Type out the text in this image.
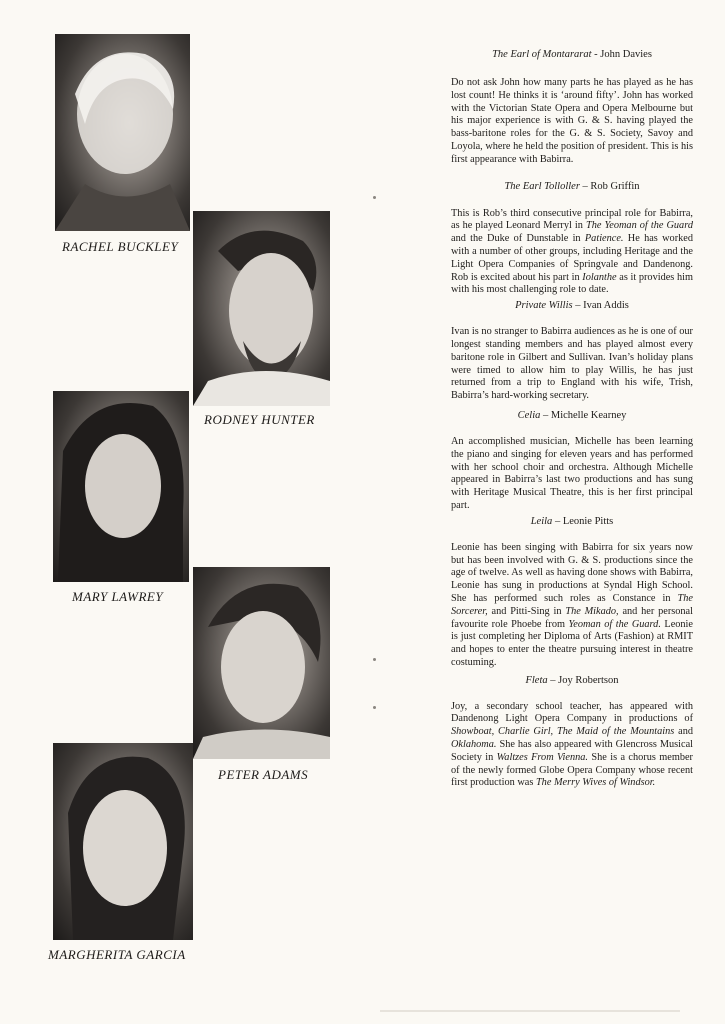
RACHEL BUCKLEY
RODNEY HUNTER
MARY LAWREY
PETER ADAMS
MARGHERITA GARCIA

The Earl of Montararat - John Davies

Do not ask John how many parts he has played as he has lost count! He thinks it is ‘around fifty’. John has worked with the Victorian State Opera and Opera Melbourne but his major experience is with G. & S. having played the bass-baritone roles for the G. & S. Society, Savoy and Loyola, where he held the position of president. This is his first appearance with Babirra.

The Earl Tolloller – Rob Griffin

This is Rob’s third consecutive principal role for Babirra, as he played Leonard Merryl in The Yeoman of the Guard and the Duke of Dunstable in Patience. He has worked with a number of other groups, including Heritage and the Light Opera Companies of Springvale and Dandenong. Rob is excited about his part in Iolanthe as it provides him with his most challenging role to date.

Private Willis – Ivan Addis

Ivan is no stranger to Babirra audiences as he is one of our longest standing members and has played almost every baritone role in Gilbert and Sullivan. Ivan’s holiday plans were timed to allow him to play Willis, he has just returned from a trip to England with his wife, Trish, Babirra’s hard-working secretary.

Celia – Michelle Kearney

An accomplished musician, Michelle has been learning the piano and singing for eleven years and has performed with her school choir and orchestra. Although Michelle appeared in Babirra’s last two productions and has sung with Heritage Musical Theatre, this is her first principal part.

Leila – Leonie Pitts

Leonie has been singing with Babirra for six years now but has been involved with G. & S. productions since the age of twelve. As well as having done shows with Babirra, Leonie has sung in productions at Syndal High School. She has performed such roles as Constance in The Sorcerer, and Pitti-Sing in The Mikado, and her personal favourite role Phoebe from Yeoman of the Guard. Leonie is just completing her Diploma of Arts (Fashion) at RMIT and hopes to enter the theatre pursuing interest in theatre costuming.

Fleta – Joy Robertson

Joy, a secondary school teacher, has appeared with Dandenong Light Opera Company in productions of Showboat, Charlie Girl, The Maid of the Mountains and Oklahoma. She has also appeared with Glencross Musical Society in Waltzes From Vienna. She is a chorus member of the newly formed Globe Opera Company whose recent first production was The Merry Wives of Windsor.
